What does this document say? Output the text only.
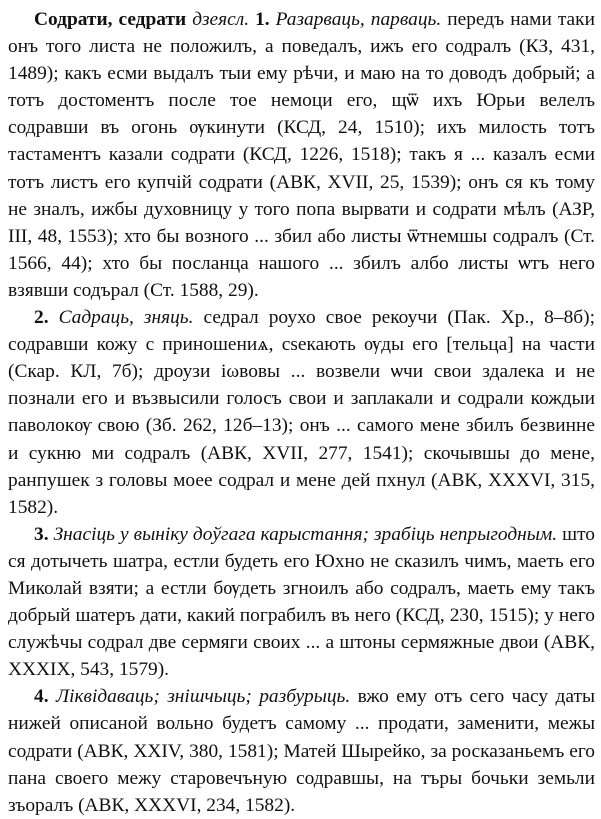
Содрати, седрати дзеясл. 1. Разарваць, парваць. передъ нами таки онъ того листа не положилъ, а поведалъ, ижъ его содралъ (КЗ, 431, 1489); какъ есми выдалъ тыи ему рѣчи, и маю на то доводъ добрый; а тотъ достоментъ после тое немоци его, щѿ ихъ Юрьи велелъ содравши въ огонь ѹкинути (КСД, 24, 1510); ихъ милость тотъ тастаментъ казали содрати (КСД, 1226, 1518); такъ я ... казалъ есми тотъ листъ его купчій содрати (АВК, XVII, 25, 1539); онъ ся къ тому не зналъ, ижбы духовницу у того попа вырвати и содрати мѣлъ (АЗР, III, 48, 1553); хто бы возного ... збил або листы ѿтнемшы содралъ (Ст. 1566, 44); хто бы посланца нашого ... збилъ албо листы ѡтъ него взявши содърал (Ст. 1588, 29).

2. Садраць, зняць. седрал роухо свое рекоучи (Пак. Хр., 8–8б); содравши кожу с приношениѧ, сѕекають ѹды его [тельца] на части (Скар. КЛ, 7б); дроузи iωвовы ... возвели ѡчи свои здалека и не познали его и възвысили голосъ свои и заплакали и содрали кождыи паволокѹ свою (Зб. 262, 12б–13); онъ ... самого мене збилъ безвинне и сукню ми содралъ (АВК, XVII, 277, 1541); скочывшы до мене, ранпушек з головы моее содрал и мене дей пхнул (АВК, XXXVI, 315, 1582).

3. Знасіць у выніку доўгага карыстання; зрабіць непрыгодным. што ся дотычеть шатра, естли будеть его Юхно не сказилъ чимъ, маеть его Миколай взяти; а естли бѹдеть згноилъ або содралъ, маеть ему такъ добрый шатеръ дати, какий пограбилъ въ него (КСД, 230, 1515); у него служѣчы содрал две сермяги своих ... а штоны сермяжные двои (АВК, XXXIX, 543, 1579).

4. Ліквідаваць; знішчыць; разбурыць. вжо ему отъ сего часу даты нижей описаной вольно будетъ самому ... продати, заменити, межы содрати (АВК, XXIV, 380, 1581); Матей Шырейко, за росказаньемъ его пана своего межу старовечъную содравшы, на търы бочьки земьли зъоралъ (АВК, XXXVI, 234, 1582).
